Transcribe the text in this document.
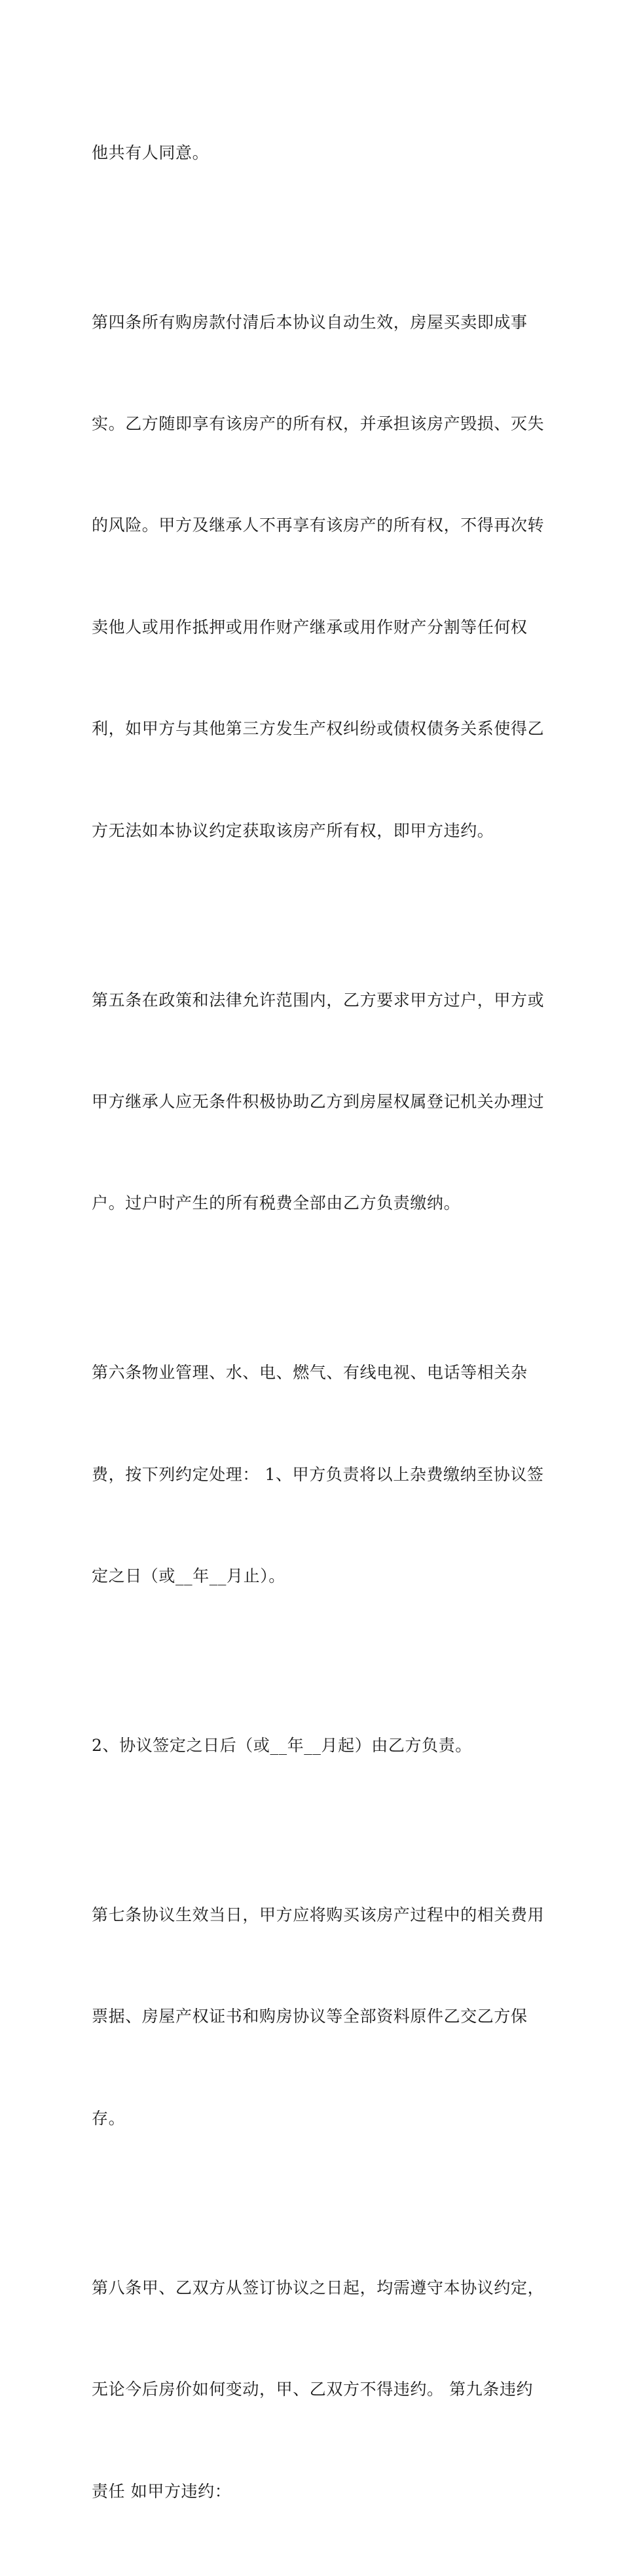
他共有人同意。

第四条所有购房款付清后本协议自动生效，房屋买卖即成事

实。乙方随即享有该房产的所有权，并承担该房产毁损、灭失

的风险。甲方及继承人不再享有该房产的所有权，不得再次转

卖他人或用作抵押或用作财产继承或用作财产分割等任何权

利，如甲方与其他第三方发生产权纠纷或债权债务关系使得乙

方无法如本协议约定获取该房产所有权，即甲方违约。

第五条在政策和法律允许范围内，乙方要求甲方过户，甲方或

甲方继承人应无条件积极协助乙方到房屋权属登记机关办理过

户。过户时产生的所有税费全部由乙方负责缴纳。

第六条物业管理、水、电、燃气、有线电视、电话等相关杂

费，按下列约定处理： 1、甲方负责将以上杂费缴纳至协议签

定之日（或__年__月止）。

2、协议签定之日后（或__年__月起）由乙方负责。

第七条协议生效当日，甲方应将购买该房产过程中的相关费用

票据、房屋产权证书和购房协议等全部资料原件乙交乙方保

存。

第八条甲、乙双方从签订协议之日起，均需遵守本协议约定，

无论今后房价如何变动，甲、乙双方不得违约。 第九条违约

责任 如甲方违约：
